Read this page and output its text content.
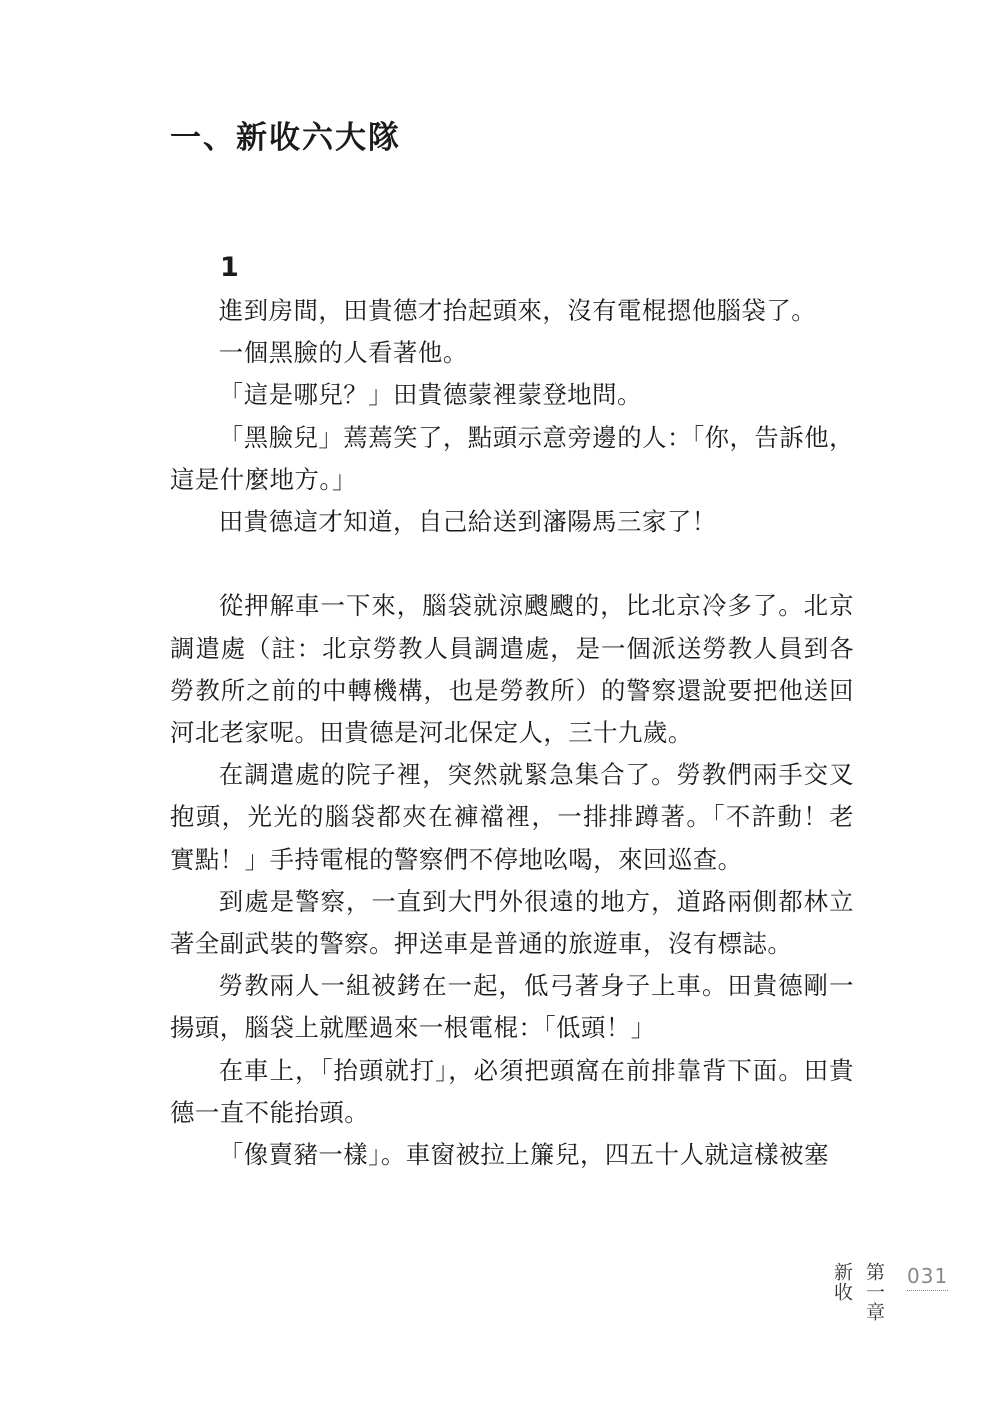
一、新收六大隊
1

進到房間，田貴德才抬起頭來，沒有電棍摁他腦袋了。

一個黑臉的人看著他。

「這是哪兒？」田貴德蒙裡蒙登地問。

「黑臉兒」蔫蔫笑了，點頭示意旁邊的人：「你，告訴他，這是什麼地方。」

田貴德這才知道，自己給送到瀋陽馬三家了！

從押解車一下來，腦袋就涼颼颼的，比北京冷多了。北京調遣處（註：北京勞教人員調遣處，是一個派送勞教人員到各勞教所之前的中轉機構，也是勞教所）的警察還說要把他送回河北老家呢。田貴德是河北保定人，三十九歲。

在調遣處的院子裡，突然就緊急集合了。勞教們兩手交叉抱頭，光光的腦袋都夾在褲襠裡，一排排蹲著。「不許動！老實點！」手持電棍的警察們不停地吆喝，來回巡查。

到處是警察，一直到大門外很遠的地方，道路兩側都林立著全副武裝的警察。押送車是普通的旅遊車，沒有標誌。

勞教兩人一組被銬在一起，低弓著身子上車。田貴德剛一揚頭，腦袋上就壓過來一根電棍：「低頭！」

在車上，「抬頭就打」，必須把頭窩在前排靠背下面。田貴德一直不能抬頭。

「像賣豬一樣」。車窗被拉上簾兒，四五十人就這樣被塞

第一章
新收	031
